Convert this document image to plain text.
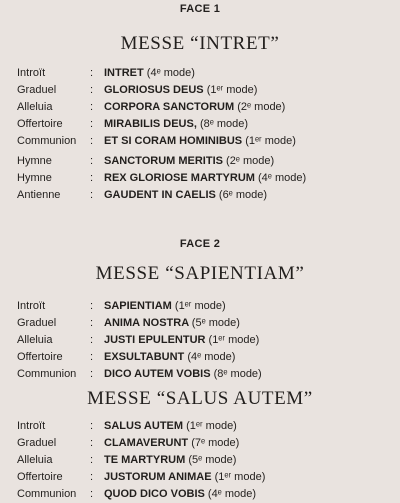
FACE 1
MESSE “INTRET”
Introït	: INTRET (4ᵉ mode)
Graduel	: GLORIOSUS DEUS (1ᵉʳ mode)
Alleluia	: CORPORA SANCTORUM (2ᵉ mode)
Offertoire : MIRABILIS DEUS, (8ᵉ mode)
Communion : ET SI CORAM HOMINIBUS (1ᵉʳ mode)
Hymne	: SANCTORUM MERITIS (2ᵉ mode)
Hymne	: REX GLORIOSE MARTYRUM (4ᵉ mode)
Antienne	: GAUDENT IN CAELIS (6ᵉ mode)
FACE 2
MESSE “SAPIENTIAM”
Introït	: SAPIENTIAM (1ᵉʳ mode)
Graduel	: ANIMA NOSTRA (5ᵉ mode)
Alleluia	: JUSTI EPULENTUR (1ᵉʳ mode)
Offertoire : EXSULTABUNT (4ᵉ mode)
Communion : DICO AUTEM VOBIS (8ᵉ mode)
MESSE “SALUS AUTEM”
Introït	: SALUS AUTEM (1ᵉʳ mode)
Graduel	: CLAMAVERUNT (7ᵉ mode)
Alleluia	: TE MARTYRUM (5ᵉ mode)
Offertoire : JUSTORUM ANIMAE (1ᵉʳ mode)
Communion : QUOD DICO VOBIS (4ᵉ mode)
